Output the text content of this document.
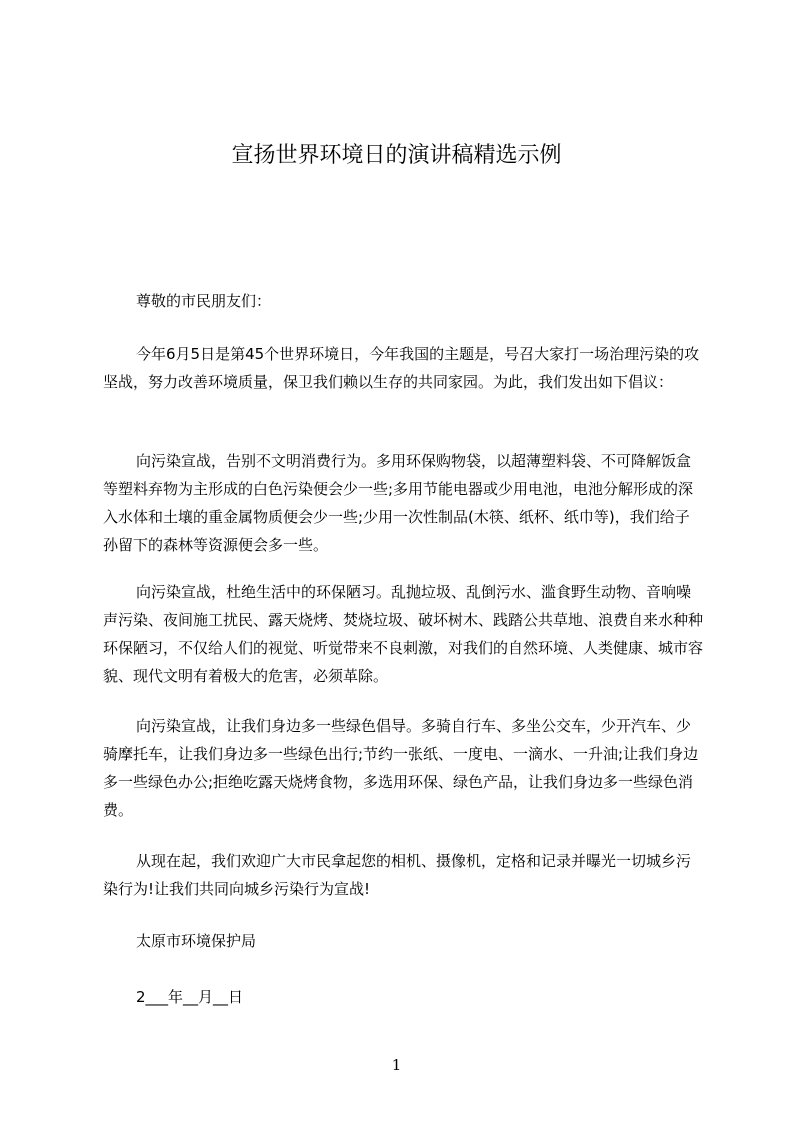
宣扬世界环境日的演讲稿精选示例

尊敬的市民朋友们：

今年6月5日是第45个世界环境日，今年我国的主题是，号召大家打一场治理污染的攻坚战，努力改善环境质量，保卫我们赖以生存的共同家园。为此，我们发出如下倡议：

向污染宣战，告别不文明消费行为。多用环保购物袋，以超薄塑料袋、不可降解饭盒等塑料弃物为主形成的白色污染便会少一些;多用节能电器或少用电池，电池分解形成的深入水体和土壤的重金属物质便会少一些;少用一次性制品(木筷、纸杯、纸巾等)，我们给子孙留下的森林等资源便会多一些。

向污染宣战，杜绝生活中的环保陋习。乱抛垃圾、乱倒污水、滥食野生动物、音响噪声污染、夜间施工扰民、露天烧烤、焚烧垃圾、破坏树木、践踏公共草地、浪费自来水种种环保陋习，不仅给人们的视觉、听觉带来不良刺激，对我们的自然环境、人类健康、城市容貌、现代文明有着极大的危害，必须革除。

向污染宣战，让我们身边多一些绿色倡导。多骑自行车、多坐公交车，少开汽车、少骑摩托车，让我们身边多一些绿色出行;节约一张纸、一度电、一滴水、一升油;让我们身边多一些绿色办公;拒绝吃露天烧烤食物，多选用环保、绿色产品，让我们身边多一些绿色消费。

从现在起，我们欢迎广大市民拿起您的相机、摄像机，定格和记录并曝光一切城乡污染行为!让我们共同向城乡污染行为宣战!

太原市环境保护局

2___年__月__日

1
